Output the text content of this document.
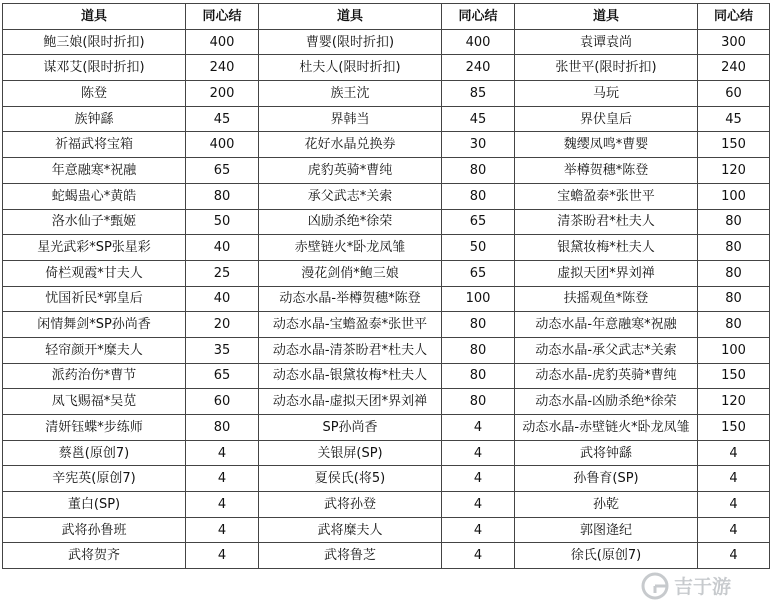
道具	同心结	道具	同心结	道具	同心结
鲍三娘(限时折扣)	400	曹婴(限时折扣)	400	袁谭袁尚	300
谋邓艾(限时折扣)	240	杜夫人(限时折扣)	240	张世平(限时折扣)	240
陈登	200	族王沈	85	马玩	60
族钟繇	45	界韩当	45	界伏皇后	45
祈福武将宝箱	400	花好水晶兑换券	30	魏缨凤鸣*曹婴	150
年意融寒*祝融	65	虎豹英骑*曹纯	80	举樽贺穗*陈登	120
蛇蝎蛊心*黄皓	80	承父武志*关索	80	宝蟾盈泰*张世平	100
洛水仙子*甄姬	50	凶励杀绝*徐荣	65	清茶盼君*杜夫人	80
星光武彩*SP张星彩	40	赤壁链火*卧龙凤雏	50	银黛妆梅*杜夫人	80
倚栏观霞*甘夫人	25	漫花剑俏*鲍三娘	65	虚拟天团*界刘禅	80
忧国祈民*郭皇后	40	动态水晶-举樽贺穗*陈登	100	扶摇观鱼*陈登	80
闲情舞剑*SP孙尚香	20	动态水晶-宝蟾盈泰*张世平	80	动态水晶-年意融寒*祝融	80
轻帘颜开*糜夫人	35	动态水晶-清茶盼君*杜夫人	80	动态水晶-承父武志*关索	100
派药治伤*曹节	65	动态水晶-银黛妆梅*杜夫人	80	动态水晶-虎豹英骑*曹纯	150
凤飞赐福*吴苋	60	动态水晶-虚拟天团*界刘禅	80	动态水晶-凶励杀绝*徐荣	120
清妍钰蝶*步练师	80	SP孙尚香	4	动态水晶-赤壁链火*卧龙凤雏	150
蔡邕(原创7)	4	关银屏(SP)	4	武将钟繇	4
辛宪英(原创7)	4	夏侯氏(将5)	4	孙鲁育(SP)	4
董白(SP)	4	武将孙登	4	孙乾	4
武将孙鲁班	4	武将糜夫人	4	郭图逄纪	4
武将贺齐	4	武将鲁芝	4	徐氏(原创7)	4
吉于游
